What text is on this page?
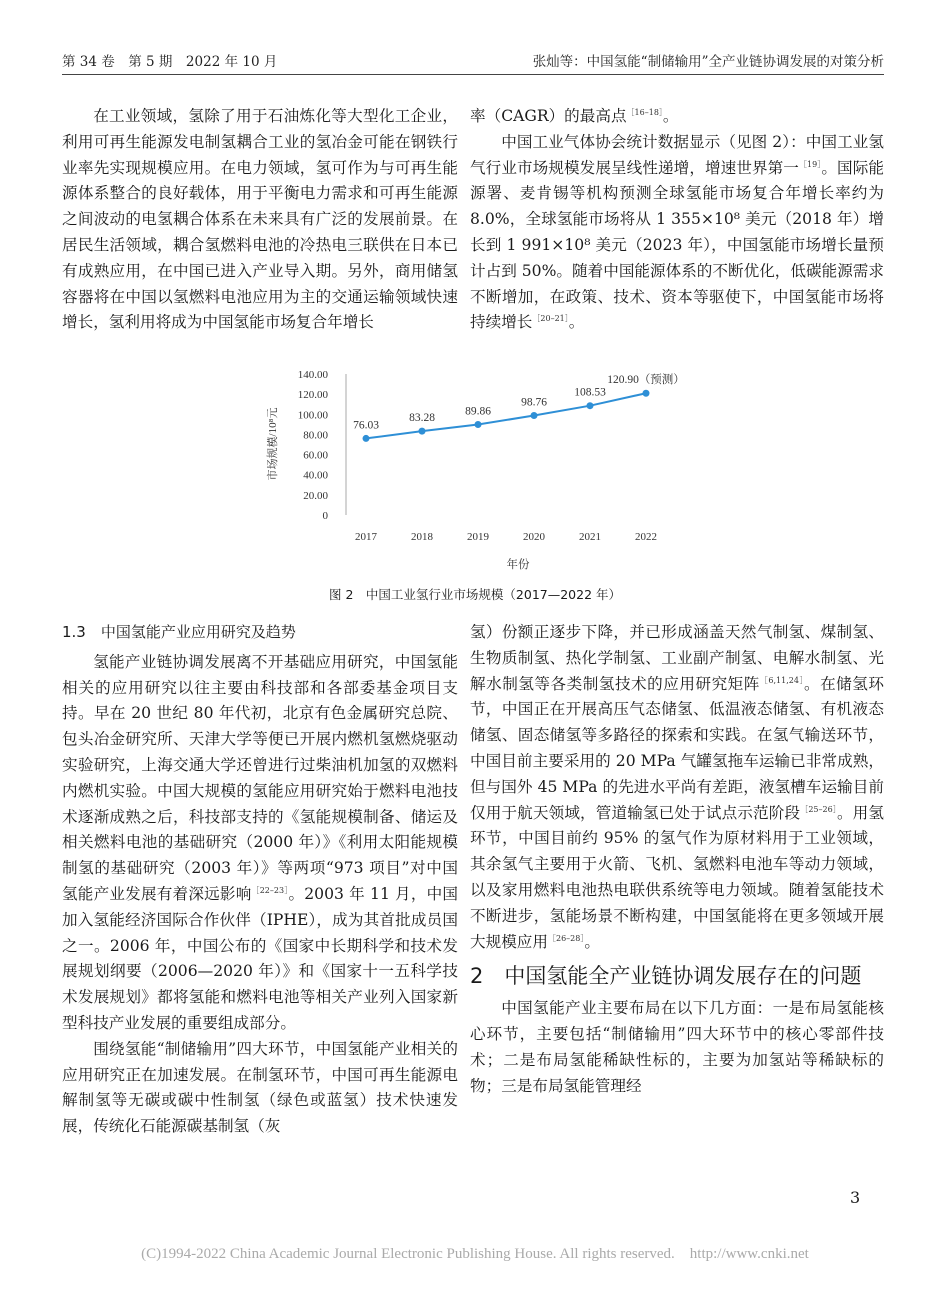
第 34 卷　第 5 期　2022 年 10 月	张灿等：中国氢能“制储输用”全产业链协调发展的对策分析

在工业领域，氢除了用于石油炼化等大型化工企业，利用可再生能源发电制氢耦合工业的氢冶金可能在钢铁行业率先实现规模应用。在电力领域，氢可作为与可再生能源体系整合的良好载体，用于平衡电力需求和可再生能源之间波动的电氢耦合体系在未来具有广泛的发展前景。在居民生活领域，耦合氢燃料电池的冷热电三联供在日本已有成熟应用，在中国已进入产业导入期。另外，商用储氢容器将在中国以氢燃料电池应用为主的交通运输领域快速增长，氢利用将成为中国氢能市场复合年增长

率（CAGR）的最高点$^{[16-18]}$。

中国工业气体协会统计数据显示（见图 2）：中国工业氢气行业市场规模发展呈线性递增，增速世界第一$^{[19]}$。国际能源署、麦肯锡等机构预测全球氢能市场复合年增长率约为 8.0%，全球氢能市场将从 1 355×10⁸ 美元（2018 年）增长到 1 991×10⁸ 美元（2023 年），中国氢能市场增长量预计占到 50%。随着中国能源体系的不断优化，低碳能源需求不断增加，在政策、技术、资本等驱使下，中国氢能市场将持续增长$^{[20-21]}$。

市场规模/10⁸元
年份
0
20.00
40.00
60.00
80.00
100.00
120.00
140.00
2017	2018	2019	2020	2021	2022
76.03
83.28
89.86
98.76
108.53
120.90（预测）
图 2　中国工业氢行业市场规模（2017—2022 年）
1.3　中国氢能产业应用研究及趋势

氢能产业链协调发展离不开基础应用研究，中国氢能相关的应用研究以往主要由科技部和各部委基金项目支持。早在 20 世纪 80 年代初，北京有色金属研究总院、包头冶金研究所、天津大学等便已开展内燃机氢燃烧驱动实验研究，上海交通大学还曾进行过柴油机加氢的双燃料内燃机实验。中国大规模的氢能应用研究始于燃料电池技术逐渐成熟之后，科技部支持的《氢能规模制备、储运及相关燃料电池的基础研究（2000 年）》《利用太阳能规模制氢的基础研究（2003 年）》等两项“973 项目”对中国氢能产业发展有着深远影响$^{[22-23]}$。2003 年 11 月，中国加入氢能经济国际合作伙伴（IPHE），成为其首批成员国之一。2006 年，中国公布的《国家中长期科学和技术发展规划纲要（2006—2020 年）》和《国家十一五科学技术发展规划》都将氢能和燃料电池等相关产业列入国家新型科技产业发展的重要组成部分。

围绕氢能“制储输用”四大环节，中国氢能产业相关的应用研究正在加速发展。在制氢环节，中国可再生能源电解制氢等无碳或碳中性制氢（绿色或蓝氢）技术快速发展，传统化石能源碳基制氢（灰

氢）份额正逐步下降，并已形成涵盖天然气制氢、煤制氢、生物质制氢、热化学制氢、工业副产制氢、电解水制氢、光解水制氢等各类制氢技术的应用研究矩阵$^{[6,11,24]}$。在储氢环节，中国正在开展高压气态储氢、低温液态储氢、有机液态储氢、固态储氢等多路径的探索和实践。在氢气输送环节，中国目前主要采用的 20 MPa 气罐氢拖车运输已非常成熟，但与国外 45 MPa 的先进水平尚有差距，液氢槽车运输目前仅用于航天领域，管道输氢已处于试点示范阶段$^{[25-26]}$。用氢环节，中国目前约 95% 的氢气作为原材料用于工业领域，其余氢气主要用于火箭、飞机、氢燃料电池车等动力领域，以及家用燃料电池热电联供系统等电力领域。随着氢能技术不断进步，氢能场景不断构建，中国氢能将在更多领域开展大规模应用$^{[26-28]}$。

2　中国氢能全产业链协调发展存在的问题

中国氢能产业主要布局在以下几方面：一是布局氢能核心环节，主要包括“制储输用”四大环节中的核心零部件技术；二是布局氢能稀缺性标的，主要为加氢站等稀缺标的物；三是布局氢能管理经

3
(C)1994-2022 China Academic Journal Electronic Publishing House. All rights reserved.　http://www.cnki.net
